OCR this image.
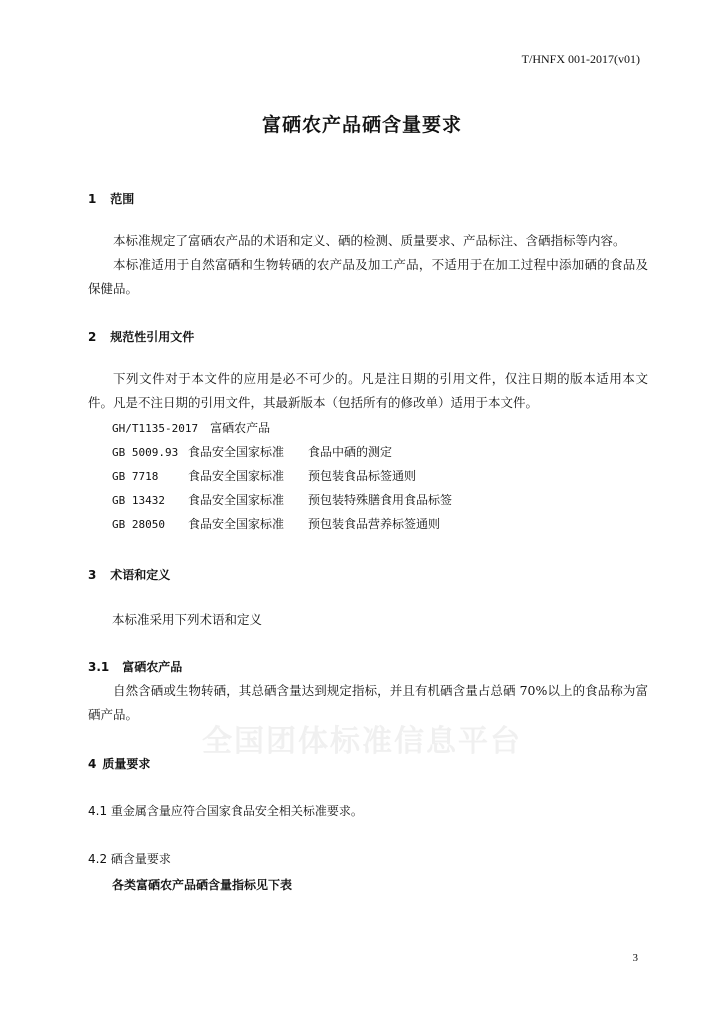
全国团体标准信息平台
T/HNFX 001-2017(v01)
富硒农产品硒含量要求
1 范围

本标准规定了富硒农产品的术语和定义、硒的检测、质量要求、产品标注、含硒指标等内容。

本标准适用于自然富硒和生物转硒的农产品及加工产品，不适用于在加工过程中添加硒的食品及保健品。

2 规范性引用文件

下列文件对于本文件的应用是必不可少的。凡是注日期的引用文件，仅注日期的版本适用本文件。凡是不注日期的引用文件，其最新版本（包括所有的修改单）适用于本文件。

GH/T1135-2017 富硒农产品
GB 5009.93 食品安全国家标准 食品中硒的测定
GB 7718 食品安全国家标准 预包装食品标签通则
GB 13432 食品安全国家标准 预包装特殊膳食用食品标签
GB 28050 食品安全国家标准 预包装食品营养标签通则
3 术语和定义
本标准采用下列术语和定义
3.1 富硒农产品

自然含硒或生物转硒，其总硒含量达到规定指标，并且有机硒含量占总硒 70%以上的食品称为富硒产品。

4 质量要求
4.1 重金属含量应符合国家食品安全相关标准要求。
4.2 硒含量要求
各类富硒农产品硒含量指标见下表
3
